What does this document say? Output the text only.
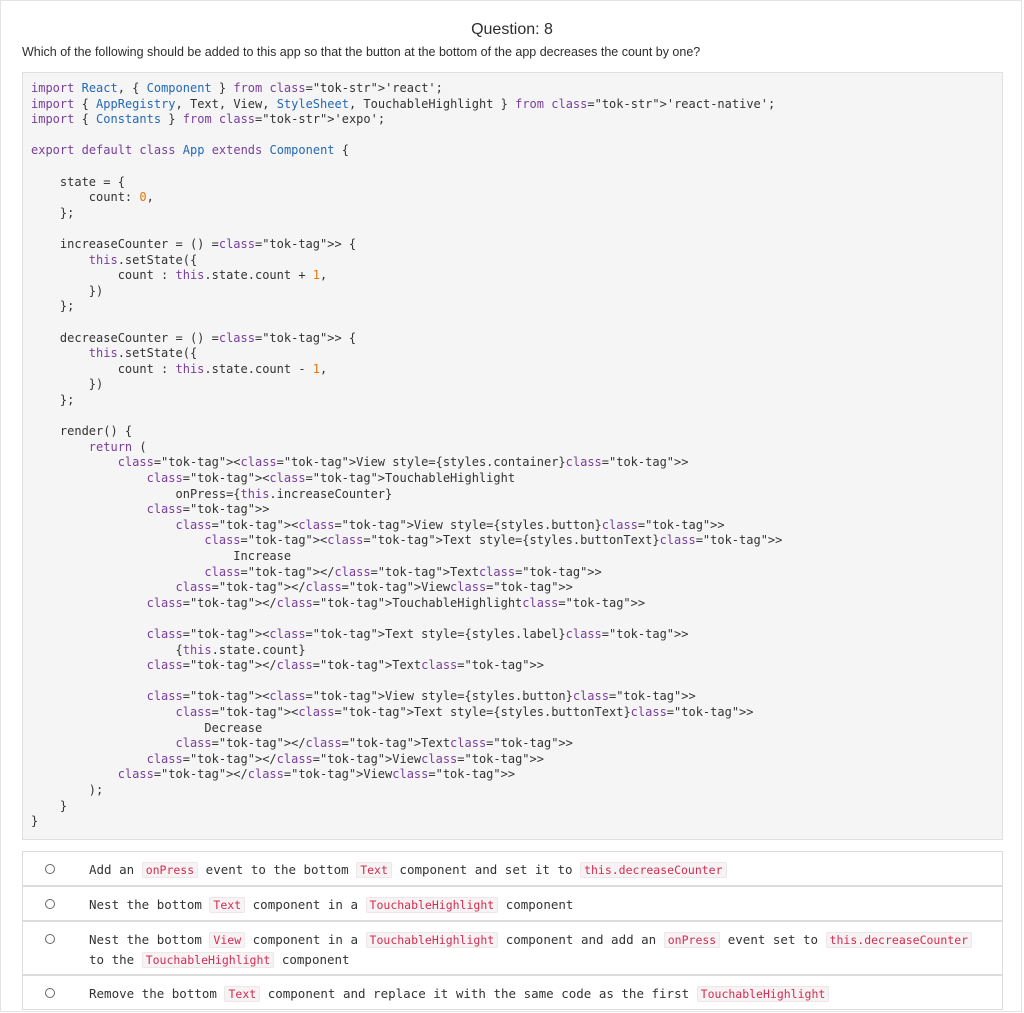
Question: 8
Which of the following should be added to this app so that the button at the bottom of the app decreases the count by one?
import React, { Component } from class="tok-str">'react';
import { AppRegistry, Text, View, StyleSheet, TouchableHighlight } from class="tok-str">'react-native';
import { Constants } from class="tok-str">'expo';
export default class App extends Component {
state = {
count: 0,
};
increaseCounter = () =class="tok-tag">> {
this.setState({
count : this.state.count + 1,
})
};
decreaseCounter = () =class="tok-tag">> {
this.setState({
count : this.state.count - 1,
})
};
render() {
return (
class="tok-tag"><class="tok-tag">View style={styles.container}class="tok-tag">>
class="tok-tag"><class="tok-tag">TouchableHighlight
onPress={this.increaseCounter}
class="tok-tag">>
class="tok-tag"><class="tok-tag">View style={styles.button}class="tok-tag">>
class="tok-tag"><class="tok-tag">Text style={styles.buttonText}class="tok-tag">>
Increase
class="tok-tag"></class="tok-tag">Textclass="tok-tag">>
class="tok-tag"></class="tok-tag">Viewclass="tok-tag">>
class="tok-tag"></class="tok-tag">TouchableHighlightclass="tok-tag">>
class="tok-tag"><class="tok-tag">Text style={styles.label}class="tok-tag">>
{this.state.count}
class="tok-tag"></class="tok-tag">Textclass="tok-tag">>
class="tok-tag"><class="tok-tag">View style={styles.button}class="tok-tag">>
class="tok-tag"><class="tok-tag">Text style={styles.buttonText}class="tok-tag">>
Decrease
class="tok-tag"></class="tok-tag">Textclass="tok-tag">>
class="tok-tag"></class="tok-tag">Viewclass="tok-tag">>
class="tok-tag"></class="tok-tag">Viewclass="tok-tag">>
);
}
}
Add an onPress event to the bottom Text component and set it to this.decreaseCounter
Nest the bottom Text component in a TouchableHighlight component
Nest the bottom View component in a TouchableHighlight component and add an onPress event set to this.decreaseCounter to the TouchableHighlight component
Remove the bottom Text component and replace it with the same code as the first TouchableHighlight
